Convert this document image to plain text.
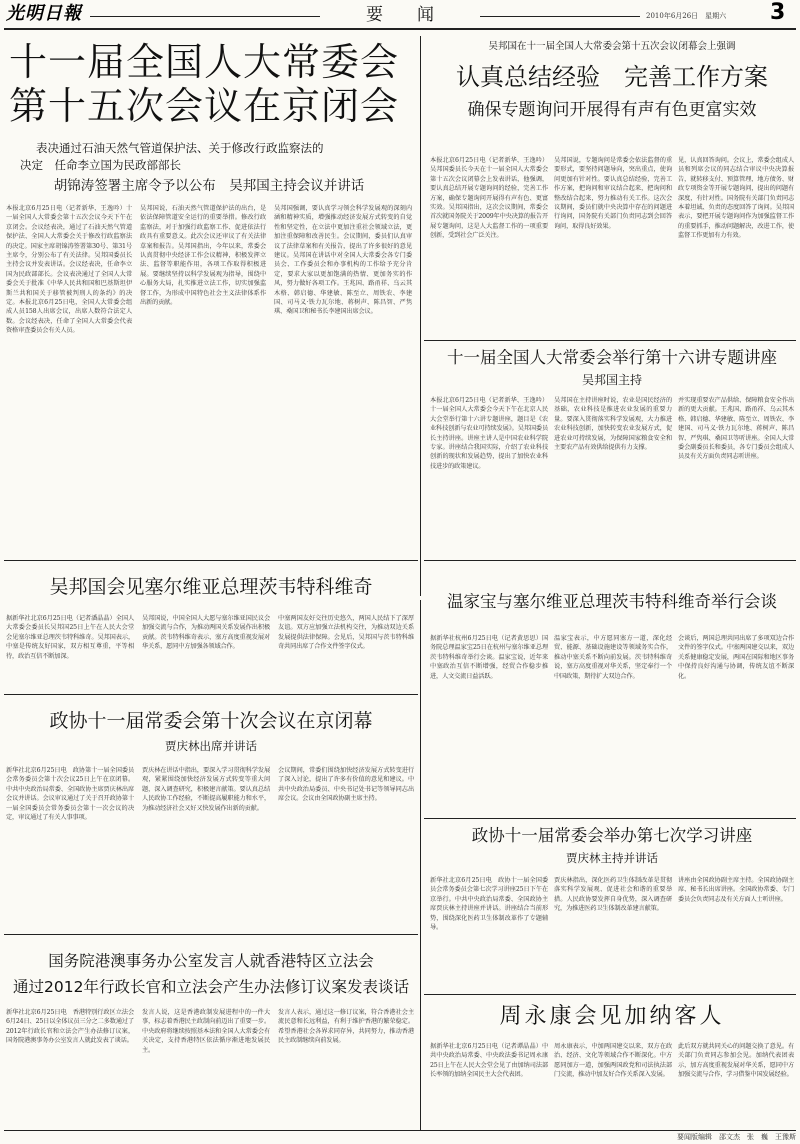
光明日報	要　　闻	2010年6月26日　星期六	3
十一届全国人大常委会
第十五次会议在京闭会
表决通过石油天然气管道保护法、关于修改行政监察法的
决定　任命李立国为民政部部长
胡锦涛签署主席令予以公布　吴邦国主持会议并讲话
本报北京6月25日电（记者新华、王逸吟）十一届全国人大常委会第十五次会议今天下午在京闭会。会议经表决，通过了石油天然气管道保护法、全国人大常委会关于修改行政监察法的决定。国家主席胡锦涛签署第30号、第31号主席令，分别公布了有关法律。吴邦国委员长主持会议并发表讲话。会议经表决，任命李立国为民政部部长。会议表决通过了全国人大常委会关于批准《中华人民共和国和巴基斯坦伊斯兰共和国关于移管被判刑人的条约》的决定。本报北京6月25日电，全国人大常委会组成人员158人出席会议，出席人数符合法定人数。会议经表决，任命了全国人大常委会代表资格审查委员会有关人员。
吴邦国说，石油天然气管道保护法的出台，是依法保障管道安全运行的重要举措。修改行政监察法，对于加强行政监察工作、促进依法行政具有重要意义。此次会议还审议了有关法律草案和报告。吴邦国指出，今年以来，常委会认真贯彻中央经济工作会议精神，积极发挥立法、监督等职能作用，各项工作取得积极进展。要继续坚持以科学发展观为指导，围绕中心服务大局，扎实推进立法工作，切实加强监督工作，为形成中国特色社会主义法律体系作出新的贡献。
吴邦国强调，要认真学习领会科学发展观的深刻内涵和精神实质，增强推动经济发展方式转变的自觉性和坚定性，在立法中更加注重社会领域立法，更加注重保障和改善民生。会议期间，委员们认真审议了法律草案和有关报告，提出了许多很好的意见建议。吴邦国在讲话中对全国人大常委会各专门委员会、工作委员会和办事机构的工作给予充分肯定，要求大家以更加饱满的热情、更加务实的作风，努力做好各项工作。王兆国、路甬祥、乌云其木格、韩启德、华建敏、陈至立、周铁农、李建国、司马义·铁力瓦尔地、蒋树声、陈昌智、严隽琪、桑国卫和秘书长李建国出席会议。
吴邦国在十一届全国人大常委会第十五次会议闭幕会上强调
认真总结经验　完善工作方案
确保专题询问开展得有声有色更富实效
本报北京6月25日电（记者新华、王逸吟）吴邦国委员长今天在十一届全国人大常委会第十五次会议闭幕会上发表讲话，他强调，要认真总结开展专题询问的经验，完善工作方案，确保专题询问开展得有声有色、更富实效。吴邦国指出，这次会议期间，常委会首次就国务院关于2009年中央决算的报告开展专题询问，这是人大监督工作的一项重要创新，受到社会广泛关注。
吴邦国说，专题询问是常委会依法监督的重要形式，要坚持问题导向，突出重点，使询问更加有针对性。要认真总结经验，完善工作方案，把询问和审议结合起来，把询问和整改结合起来，努力推动有关工作。这次会议期间，委员们就中央决算中存在的问题进行询问，国务院有关部门负责同志到会回答询问，取得良好效果。
见，认真回答询问。会议上，常委会组成人员和列席会议的同志结合审议中央决算报告，就转移支付、预算管理、地方债务、财政专项资金等开展专题询问，提出的问题有深度，有针对性。国务院有关部门负责同志本着坦诚、负责的态度回答了询问。吴邦国表示，要把开展专题询问作为加强监督工作的重要抓手，推动问题解决，改进工作，使监督工作更加有力有效。
十一届全国人大常委会举行第十六讲专题讲座
吴邦国主持
本报北京6月25日电（记者新华、王逸吟）十一届全国人大常委会今天下午在北京人民大会堂举行第十六讲专题讲座，题目是《农业科技创新与农业可持续发展》。吴邦国委员长主持讲座。讲座主讲人是中国农业科学院专家。讲座结合我国实际，介绍了农业科技创新的现状和发展趋势，提出了加快农业科技进步的政策建议。
吴邦国在主持讲座时说，农业是国民经济的基础，农业科技是推进农业发展的重要力量。要深入贯彻落实科学发展观，大力推进农业科技创新，加快转变农业发展方式，促进农业可持续发展，为保障国家粮食安全和主要农产品有效供给提供有力支撑。
并实现重要农产品供给、保障粮食安全作出新的更大贡献。王兆国、路甬祥、乌云其木格、韩启德、华建敏、陈至立、周铁农、李建国、司马义·铁力瓦尔地、蒋树声、陈昌智、严隽琪、桑国卫等听讲座。全国人大常委会副委员长和委员，各专门委员会组成人员及有关方面负责同志听讲座。
吴邦国会见塞尔维亚总理茨韦特科维奇
据新华社北京6月25日电（记者潘晶晶）全国人大常委会委员长吴邦国25日上午在人民大会堂会见塞尔维亚总理茨韦特科维奇。吴邦国表示，中塞是传统友好国家，双方相互尊重，平等相待，政治互信不断加深。
吴邦国说，中国全国人大愿与塞尔维亚国民议会加强交流与合作，为推动两国关系发展作出积极贡献。茨韦特科维奇表示，塞方高度重视发展对华关系，愿同中方加强各领域合作。
中塞两国友好交往历史悠久，两国人民结下了深厚友谊。双方应加强立法机构交往，为推动双边关系发展提供法律保障。会见后，吴邦国与茨韦特科维奇共同出席了合作文件签字仪式。
温家宝与塞尔维亚总理茨韦特科维奇举行会谈
据新华社杭州6月25日电（记者黄思思）国务院总理温家宝25日在杭州与塞尔维亚总理茨韦特科维奇举行会谈。温家宝说，近年来中塞政治互信不断增强，经贸合作稳步推进，人文交流日益活跃。
温家宝表示，中方愿同塞方一道，深化经贸、能源、基础设施建设等领域务实合作，推动中塞关系不断向前发展。茨韦特科维奇说，塞方高度重视对华关系，坚定奉行一个中国政策，期待扩大双边合作。
会谈后，两国总理共同出席了多项双边合作文件的签字仪式。中塞两国建交以来，双边关系健康稳定发展，两国在国际和地区事务中保持良好沟通与协调，传统友谊不断深化。
政协十一届常委会第十次会议在京闭幕
贾庆林出席并讲话
新华社北京6月25日电　政协第十一届全国委员会常务委员会第十次会议25日上午在京闭幕。中共中央政治局常委、全国政协主席贾庆林出席会议并讲话。会议审议通过了关于召开政协第十一届全国委员会常务委员会第十一次会议的决定，审议通过了有关人事事项。
贾庆林在讲话中指出，要深入学习贯彻科学发展观，紧紧围绕加快经济发展方式转变等重大问题，深入调查研究，积极建言献策。要认真总结人民政协工作经验，不断提高履职能力和水平，为推动经济社会又好又快发展作出新的贡献。
会议期间，常委们围绕加快经济发展方式转变进行了深入讨论，提出了许多有价值的意见和建议。中共中央政治局委员、中央书记处书记等领导同志出席会议。会议由全国政协副主席主持。
政协十一届常委会举办第七次学习讲座
贾庆林主持并讲话
新华社北京6月25日电　政协十一届全国委员会常务委员会第七次学习讲座25日下午在京举行。中共中央政治局常委、全国政协主席贾庆林主持讲座并讲话。讲座结合当前形势，围绕深化医药卫生体制改革作了专题辅导。
贾庆林指出，深化医药卫生体制改革是贯彻落实科学发展观、促进社会和谐的重要举措。人民政协要发挥自身优势，深入调查研究，为推进医药卫生体制改革建言献策。
讲座由全国政协副主席主持。全国政协副主席、秘书长出席讲座。全国政协常委、专门委员会负责同志及有关方面人士听讲座。
国务院港澳事务办公室发言人就香港特区立法会
通过2012年行政长官和立法会产生办法修订议案发表谈话
新华社北京6月25日电　香港特别行政区立法会6月24日、25日以全体议员三分之二多数通过了2012年行政长官和立法会产生办法修订议案，国务院港澳事务办公室发言人就此发表了谈话。
发言人说，这是香港政制发展进程中的一件大事，标志着香港民主政制向前迈出了重要一步。中央政府将继续按照基本法和全国人大常委会有关决定，支持香港特区依法循序渐进地发展民主。
发言人表示，通过这一修订议案，符合香港社会主流民意和长远利益，有利于维护香港的繁荣稳定。希望香港社会各界求同存异，共同努力，推动香港民主政制继续向前发展。
周永康会见加纳客人
据新华社北京6月25日电（记者谭晶晶）中共中央政治局常委、中央政法委书记周永康25日上午在人民大会堂会见了由加纳司法部长率领的加纳全国民主大会代表团。
周永康表示，中加两国建交以来，双方在政治、经济、文化等领域合作不断深化。中方愿同加方一道，加强两国政党和司法执法部门交流，推动中加友好合作关系深入发展。
此后双方就共同关心的问题交换了意见。有关部门负责同志参加会见。加纳代表团表示，加方高度重视发展对华关系，愿同中方加强交流与合作，学习借鉴中国发展经验。
要闻版编辑　邵文杰　张　巍　王豫斯
